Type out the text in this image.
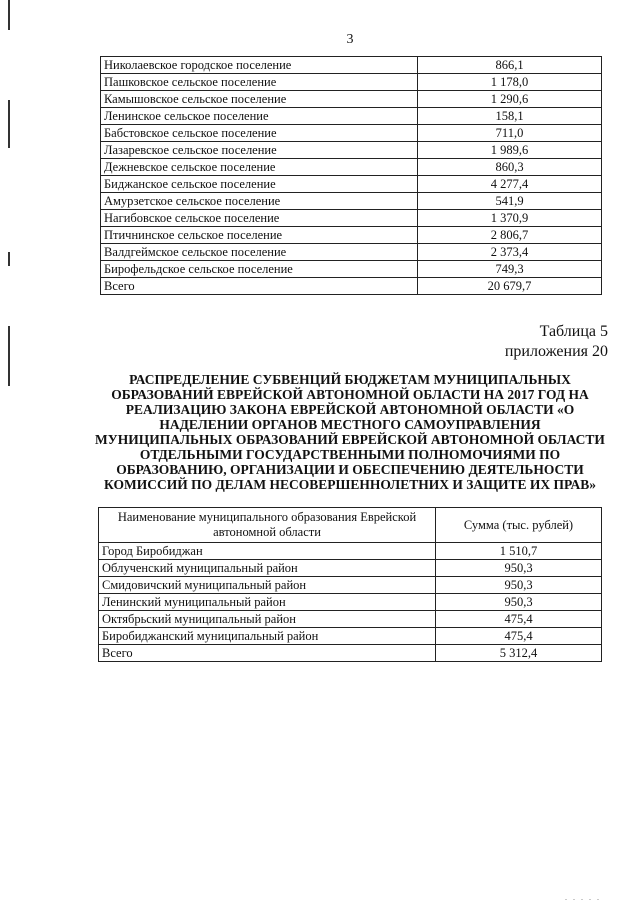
. . . . .
3
Николаевское городское поселение	866,1
Пашковское сельское поселение	1 178,0
Камышовское сельское поселение	1 290,6
Ленинское сельское поселение	158,1
Бабстовское сельское поселение	711,0
Лазаревское сельское поселение	1 989,6
Дежневское сельское поселение	860,3
Биджанское сельское поселение	4 277,4
Амурзетское сельское поселение	541,9
Нагибовское сельское поселение	1 370,9
Птичнинское сельское поселение	2 806,7
Валдгеймское сельское поселение	2 373,4
Бирофельдское сельское поселение	749,3
Всего	20 679,7
Таблица 5
приложения 20
РАСПРЕДЕЛЕНИЕ СУБВЕНЦИЙ БЮДЖЕТАМ МУНИЦИПАЛЬНЫХ ОБРАЗОВАНИЙ ЕВРЕЙСКОЙ АВТОНОМНОЙ ОБЛАСТИ НА 2017 ГОД НА РЕАЛИЗАЦИЮ ЗАКОНА ЕВРЕЙСКОЙ АВТОНОМНОЙ ОБЛАСТИ «О НАДЕЛЕНИИ ОРГАНОВ МЕСТНОГО САМОУПРАВЛЕНИЯ МУНИЦИПАЛЬНЫХ ОБРАЗОВАНИЙ ЕВРЕЙСКОЙ АВТОНОМНОЙ ОБЛАСТИ ОТДЕЛЬНЫМИ ГОСУДАРСТВЕННЫМИ ПОЛНОМОЧИЯМИ ПО ОБРАЗОВАНИЮ, ОРГАНИЗАЦИИ И ОБЕСПЕЧЕНИЮ ДЕЯТЕЛЬНОСТИ КОМИССИЙ ПО ДЕЛАМ НЕСОВЕРШЕННОЛЕТНИХ И ЗАЩИТЕ ИХ ПРАВ»
Наименование муниципального образования Еврейской автономной области	Сумма (тыс. рублей)
Город Биробиджан	1 510,7
Облученский муниципальный район	950,3
Смидовичский муниципальный район	950,3
Ленинский муниципальный район	950,3
Октябрьский муниципальный район	475,4
Биробиджанский муниципальный район	475,4
Всего	5 312,4
